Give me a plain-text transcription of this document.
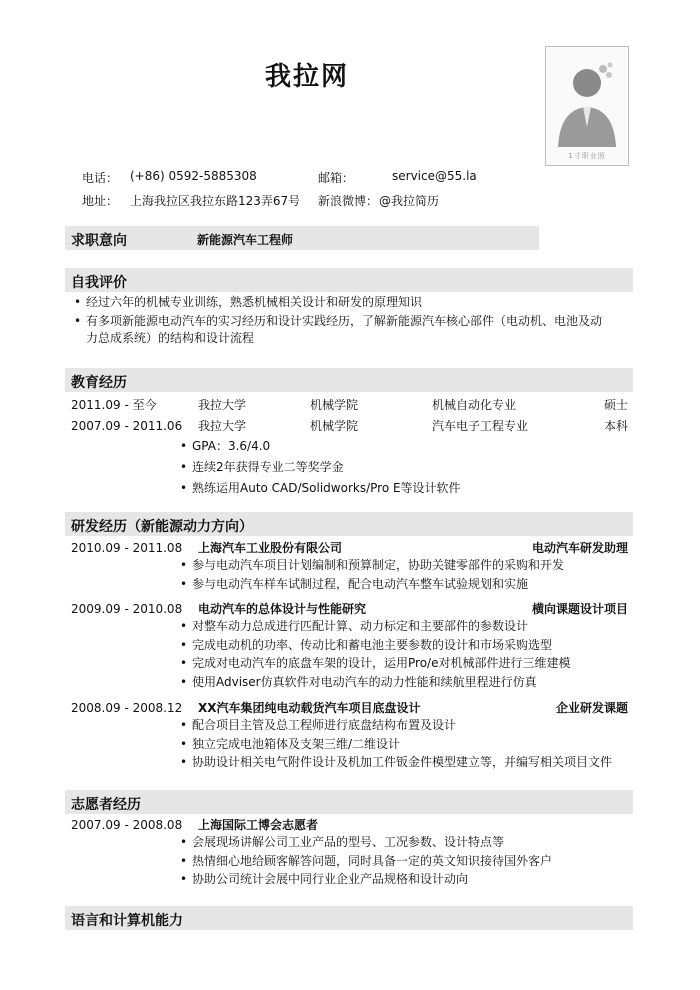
我拉网
1寸职业照
电话： (+86) 0592-5885308	邮箱：	service@55.la
地址： 上海我拉区我拉东路123弄67号 新浪微博： @我拉简历
求职意向	新能源汽车工程师
自我评价
• 经过六年的机械专业训练，熟悉机械相关设计和研发的原理知识
• 有多项新能源电动汽车的实习经历和设计实践经历，了解新能源汽车核心部件（电动机、电池及动
力总成系统）的结构和设计流程
教育经历
2011.09 - 至今	我拉大学	机械学院	机械自动化专业	硕士
2007.09 - 2011.06 我拉大学	机械学院	汽车电子工程专业	本科
• GPA：3.6/4.0
• 连续2年获得专业二等奖学金
• 熟练运用Auto CAD/Solidworks/Pro E等设计软件
研发经历（新能源动力方向）
2010.09 - 2011.08 上海汽车工业股份有限公司	电动汽车研发助理
• 参与电动汽车项目计划编制和预算制定，协助关键零部件的采购和开发
• 参与电动汽车样车试制过程，配合电动汽车整车试验规划和实施
2009.09 - 2010.08 电动汽车的总体设计与性能研究	横向课题设计项目
• 对整车动力总成进行匹配计算、动力标定和主要部件的参数设计
• 完成电动机的功率、传动比和蓄电池主要参数的设计和市场采购选型
• 完成对电动汽车的底盘车架的设计，运用Pro/e对机械部件进行三维建模
• 使用Adviser仿真软件对电动汽车的动力性能和续航里程进行仿真
2008.09 - 2008.12 XX汽车集团纯电动载货汽车项目底盘设计	企业研发课题
• 配合项目主管及总工程师进行底盘结构布置及设计
• 独立完成电池箱体及支架三维/二维设计
• 协助设计相关电气附件设计及机加工件钣金件模型建立等，并编写相关项目文件
志愿者经历
2007.09 - 2008.08 上海国际工博会志愿者
• 会展现场讲解公司工业产品的型号、工况参数、设计特点等
• 热情细心地给顾客解答问题，同时具备一定的英文知识接待国外客户
• 协助公司统计会展中同行业企业产品规格和设计动向
语言和计算机能力
